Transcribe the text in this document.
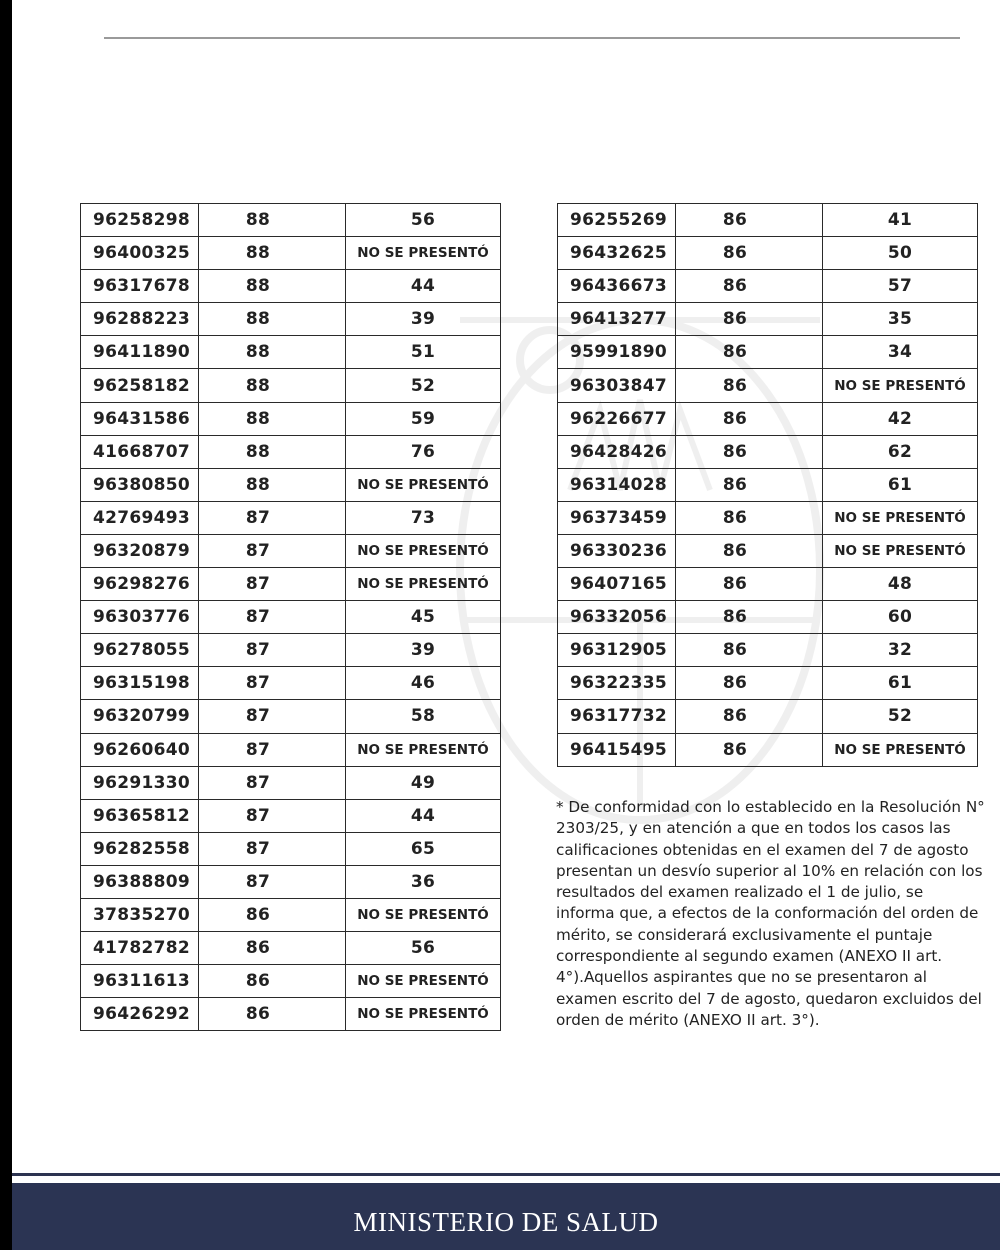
96258298	88	56
96400325	88	NO SE PRESENTÓ
96317678	88	44
96288223	88	39
96411890	88	51
96258182	88	52
96431586	88	59
41668707	88	76
96380850	88	NO SE PRESENTÓ
42769493	87	73
96320879	87	NO SE PRESENTÓ
96298276	87	NO SE PRESENTÓ
96303776	87	45
96278055	87	39
96315198	87	46
96320799	87	58
96260640	87	NO SE PRESENTÓ
96291330	87	49
96365812	87	44
96282558	87	65
96388809	87	36
37835270	86	NO SE PRESENTÓ
41782782	86	56
96311613	86	NO SE PRESENTÓ
96426292	86	NO SE PRESENTÓ
96255269	86	41
96432625	86	50
96436673	86	57
96413277	86	35
95991890	86	34
96303847	86	NO SE PRESENTÓ
96226677	86	42
96428426	86	62
96314028	86	61
96373459	86	NO SE PRESENTÓ
96330236	86	NO SE PRESENTÓ
96407165	86	48
96332056	86	60
96312905	86	32
96322335	86	61
96317732	86	52
96415495	86	NO SE PRESENTÓ
* De conformidad con lo establecido en la Resolución N° 2303/25, y en atención a que en todos los casos las calificaciones obtenidas en el examen del 7 de agosto presentan un desvío superior al 10% en relación con los resultados del examen realizado el 1 de julio, se informa que, a efectos de la conformación del orden de mérito, se considerará exclusivamente el puntaje correspondiente al segundo examen (ANEXO II art. 4°).Aquellos aspirantes que no se presentaron al examen escrito del 7 de agosto, quedaron excluidos del orden de mérito (ANEXO II art. 3°).
MINISTERIO DE SALUD
